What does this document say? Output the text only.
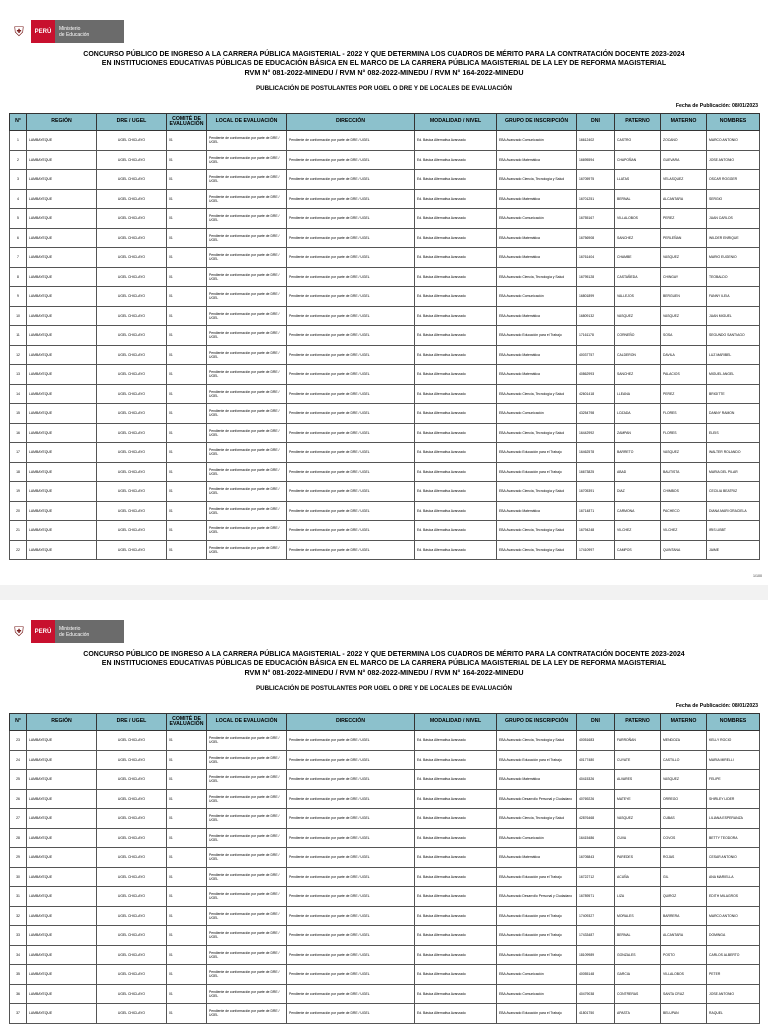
⛨	PERÚ	Ministerio
de Educación
CONCURSO PÚBLICO DE INGRESO A LA CARRERA PÚBLICA MAGISTERIAL - 2022 Y QUE DETERMINA LOS CUADROS DE MÉRITO PARA LA CONTRATACIÓN DOCENTE 2023-2024
EN INSTITUCIONES EDUCATIVAS PÚBLICAS DE EDUCACIÓN BÁSICA EN EL MARCO DE LA CARRERA PÚBLICA MAGISTERIAL DE LA LEY DE REFORMA MAGISTERIAL
RVM N° 081-2022-MINEDU / RVM N° 082-2022-MINEDU / RVM N° 164-2022-MINEDU
PUBLICACIÓN DE POSTULANTES POR UGEL O DRE Y DE LOCALES DE EVALUACIÓN
Fecha de Publicación: 08/01/2023
N°	REGIÓN	DRE / UGEL	COMITÉ DE EVALUACIÓN	LOCAL DE EVALUACIÓN	DIRECCIÓN	MODALIDAD / NIVEL	GRUPO DE INSCRIPCIÓN	DNI	PATERNO	MATERNO	NOMBRES
1	LAMBAYEQUE	UGEL CHICLAYO	01	Pendiente de conformación por parte de DRE / UGEL	Pendiente de conformación por parte de DRE / UGEL	Ed. Básica Alternativa Avanzado	EBA Avanzado Comunicación	16612402	CASTRO	ZOCANO	MARCO ANTONIO
2	LAMBAYEQUE	UGEL CHICLAYO	01	Pendiente de conformación por parte de DRE / UGEL	Pendiente de conformación por parte de DRE / UGEL	Ed. Básica Alternativa Avanzado	EBA Avanzado Matemática	16695594	CHAPOÑAN	GUEVARA	JOSE ANTONIO
3	LAMBAYEQUE	UGEL CHICLAYO	01	Pendiente de conformación por parte de DRE / UGEL	Pendiente de conformación por parte de DRE / UGEL	Ed. Básica Alternativa Avanzado	EBA Avanzado Ciencia, Tecnología y Salud	16705975	LLATAS	VELASQUEZ	OSCAR ROGGER
4	LAMBAYEQUE	UGEL CHICLAYO	01	Pendiente de conformación por parte de DRE / UGEL	Pendiente de conformación por parte de DRE / UGEL	Ed. Básica Alternativa Avanzado	EBA Avanzado Matemática	16701251	BERNAL	ALCANTARA	SERGIO
5	LAMBAYEQUE	UGEL CHICLAYO	01	Pendiente de conformación por parte de DRE / UGEL	Pendiente de conformación por parte de DRE / UGEL	Ed. Básica Alternativa Avanzado	EBA Avanzado Comunicación	16755167	VILLALOBOS	PEREZ	JUAN CARLOS
6	LAMBAYEQUE	UGEL CHICLAYO	01	Pendiente de conformación por parte de DRE / UGEL	Pendiente de conformación por parte de DRE / UGEL	Ed. Básica Alternativa Avanzado	EBA Avanzado Matemática	16756908	SANCHEZ	PERLEÑAN	WILDER ENRIQUE
7	LAMBAYEQUE	UGEL CHICLAYO	01	Pendiente de conformación por parte de DRE / UGEL	Pendiente de conformación por parte de DRE / UGEL	Ed. Básica Alternativa Avanzado	EBA Avanzado Matemática	16761404	CHAMBE	VASQUEZ	MARIO EUGENIO
8	LAMBAYEQUE	UGEL CHICLAYO	01	Pendiente de conformación por parte de DRE / UGEL	Pendiente de conformación por parte de DRE / UGEL	Ed. Básica Alternativa Avanzado	EBA Avanzado Ciencia, Tecnología y Salud	16795128	CASTAÑEDA	CHINGAY	TEOBALDO
9	LAMBAYEQUE	UGEL CHICLAYO	01	Pendiente de conformación por parte de DRE / UGEL	Pendiente de conformación por parte de DRE / UGEL	Ed. Básica Alternativa Avanzado	EBA Avanzado Comunicación	16801899	VALLEJOS	BERGUEN	FANNY ILEIA
10	LAMBAYEQUE	UGEL CHICLAYO	01	Pendiente de conformación por parte de DRE / UGEL	Pendiente de conformación por parte de DRE / UGEL	Ed. Básica Alternativa Avanzado	EBA Avanzado Matemática	16809132	VASQUEZ	VASQUEZ	JUAN MIGUEL
11	LAMBAYEQUE	UGEL CHICLAYO	01	Pendiente de conformación por parte de DRE / UGEL	Pendiente de conformación por parte de DRE / UGEL	Ed. Básica Alternativa Avanzado	EBA Avanzado Educación para el Trabajo	17161178	CORNEÑO	SOSA	SEGUNDO SANTIAGO
12	LAMBAYEQUE	UGEL CHICLAYO	01	Pendiente de conformación por parte de DRE / UGEL	Pendiente de conformación por parte de DRE / UGEL	Ed. Básica Alternativa Avanzado	EBA Avanzado Matemática	40037757	CALDERON	DAVILA	LUZ MARIBEL
13	LAMBAYEQUE	UGEL CHICLAYO	01	Pendiente de conformación por parte de DRE / UGEL	Pendiente de conformación por parte de DRE / UGEL	Ed. Básica Alternativa Avanzado	EBA Avanzado Matemática	40862993	SANCHEZ	PALACIOS	MIGUEL ANGEL
14	LAMBAYEQUE	UGEL CHICLAYO	01	Pendiente de conformación por parte de DRE / UGEL	Pendiente de conformación por parte de DRE / UGEL	Ed. Básica Alternativa Avanzado	EBA Avanzado Ciencia, Tecnología y Salud	42601418	LLEANA	PEREZ	BRIGITTE
15	LAMBAYEQUE	UGEL CHICLAYO	01	Pendiente de conformación por parte de DRE / UGEL	Pendiente de conformación por parte de DRE / UGEL	Ed. Básica Alternativa Avanzado	EBA Avanzado Comunicación	43254798	LOZADA	FLORES	DANNY RAMON
16	LAMBAYEQUE	UGEL CHICLAYO	01	Pendiente de conformación por parte de DRE / UGEL	Pendiente de conformación por parte de DRE / UGEL	Ed. Básica Alternativa Avanzado	EBA Avanzado Ciencia, Tecnología y Salud	16442992	ZAMPAN	FLORES	ELEIS
17	LAMBAYEQUE	UGEL CHICLAYO	01	Pendiente de conformación por parte de DRE / UGEL	Pendiente de conformación por parte de DRE / UGEL	Ed. Básica Alternativa Avanzado	EBA Avanzado Educación para el Trabajo	16462578	BARRETO	VASQUEZ	WALTER ROLANDO
18	LAMBAYEQUE	UGEL CHICLAYO	01	Pendiente de conformación por parte de DRE / UGEL	Pendiente de conformación por parte de DRE / UGEL	Ed. Básica Alternativa Avanzado	EBA Avanzado Educación para el Trabajo	16673825	ABAD	BAUTISTA	MARIA DEL PILAR
19	LAMBAYEQUE	UGEL CHICLAYO	01	Pendiente de conformación por parte de DRE / UGEL	Pendiente de conformación por parte de DRE / UGEL	Ed. Básica Alternativa Avanzado	EBA Avanzado Ciencia, Tecnología y Salud	16705391	DIAZ	CHIMBOS	CECILIA BEATRIZ
20	LAMBAYEQUE	UGEL CHICLAYO	01	Pendiente de conformación por parte de DRE / UGEL	Pendiente de conformación por parte de DRE / UGEL	Ed. Básica Alternativa Avanzado	EBA Avanzado Matemática	16714871	CARMONA	PACHECO	DIANA MARI GRACIELA
21	LAMBAYEQUE	UGEL CHICLAYO	01	Pendiente de conformación por parte de DRE / UGEL	Pendiente de conformación por parte de DRE / UGEL	Ed. Básica Alternativa Avanzado	EBA Avanzado Ciencia, Tecnología y Salud	16794248	VILCHEZ	VILCHEZ	IRIS LIBBT
22	LAMBAYEQUE	UGEL CHICLAYO	01	Pendiente de conformación por parte de DRE / UGEL	Pendiente de conformación por parte de DRE / UGEL	Ed. Básica Alternativa Avanzado	EBA Avanzado Ciencia, Tecnología y Salud	17410997	CAMPOS	QUINTANA	JAIME
1/100
⛨	PERÚ	Ministerio
de Educación
CONCURSO PÚBLICO DE INGRESO A LA CARRERA PÚBLICA MAGISTERIAL - 2022 Y QUE DETERMINA LOS CUADROS DE MÉRITO PARA LA CONTRATACIÓN DOCENTE 2023-2024
EN INSTITUCIONES EDUCATIVAS PÚBLICAS DE EDUCACIÓN BÁSICA EN EL MARCO DE LA CARRERA PÚBLICA MAGISTERIAL DE LA LEY DE REFORMA MAGISTERIAL
RVM N° 081-2022-MINEDU / RVM N° 082-2022-MINEDU / RVM N° 164-2022-MINEDU
PUBLICACIÓN DE POSTULANTES POR UGEL O DRE Y DE LOCALES DE EVALUACIÓN
Fecha de Publicación: 08/01/2023
N°	REGIÓN	DRE / UGEL	COMITÉ DE EVALUACIÓN	LOCAL DE EVALUACIÓN	DIRECCIÓN	MODALIDAD / NIVEL	GRUPO DE INSCRIPCIÓN	DNI	PATERNO	MATERNO	NOMBRES
23	LAMBAYEQUE	UGEL CHICLAYO	01	Pendiente de conformación por parte de DRE / UGEL	Pendiente de conformación por parte de DRE / UGEL	Ed. Básica Alternativa Avanzado	EBA Avanzado Ciencia, Tecnología y Salud	40051683	FARROÑAN	MENDOZA	KELLY ROCIO
24	LAMBAYEQUE	UGEL CHICLAYO	01	Pendiente de conformación por parte de DRE / UGEL	Pendiente de conformación por parte de DRE / UGEL	Ed. Básica Alternativa Avanzado	EBA Avanzado Educación para el Trabajo	40177480	CUYATE	CASTILLO	MARIA MIRELLI
25	LAMBAYEQUE	UGEL CHICLAYO	01	Pendiente de conformación por parte de DRE / UGEL	Pendiente de conformación por parte de DRE / UGEL	Ed. Básica Alternativa Avanzado	EBA Avanzado Matemática	40415326	ALVARES	VASQUEZ	FELIPE
26	LAMBAYEQUE	UGEL CHICLAYO	01	Pendiente de conformación por parte de DRE / UGEL	Pendiente de conformación por parte de DRE / UGEL	Ed. Básica Alternativa Avanzado	EBA Avanzado Desarrollo Personal y Ciudadano	40769226	MATEYE	ORREGO	SHIRLEY LIDER
27	LAMBAYEQUE	UGEL CHICLAYO	01	Pendiente de conformación por parte de DRE / UGEL	Pendiente de conformación por parte de DRE / UGEL	Ed. Básica Alternativa Avanzado	EBA Avanzado Ciencia, Tecnología y Salud	42876468	VASQUEZ	CUBAS	LILIANA ESPERANZA
28	LAMBAYEQUE	UGEL CHICLAYO	01	Pendiente de conformación por parte de DRE / UGEL	Pendiente de conformación por parte de DRE / UGEL	Ed. Básica Alternativa Avanzado	EBA Avanzado Comunicación	16415486	CUVA	COVOS	BETTY TEODORA
29	LAMBAYEQUE	UGEL CHICLAYO	01	Pendiente de conformación por parte de DRE / UGEL	Pendiente de conformación por parte de DRE / UGEL	Ed. Básica Alternativa Avanzado	EBA Avanzado Matemática	16705843	PAREDES	ROJAS	CESAR ANTONIO
30	LAMBAYEQUE	UGEL CHICLAYO	01	Pendiente de conformación por parte de DRE / UGEL	Pendiente de conformación por parte de DRE / UGEL	Ed. Básica Alternativa Avanzado	EBA Avanzado Educación para el Trabajo	16722712	ACUÑA	GIL	ANA MARIELLA
31	LAMBAYEQUE	UGEL CHICLAYO	01	Pendiente de conformación por parte de DRE / UGEL	Pendiente de conformación por parte de DRE / UGEL	Ed. Básica Alternativa Avanzado	EBA Avanzado Desarrollo Personal y Ciudadano	16789571	LIZA	QUIROZ	EDITH MILAGROS
32	LAMBAYEQUE	UGEL CHICLAYO	01	Pendiente de conformación por parte de DRE / UGEL	Pendiente de conformación por parte de DRE / UGEL	Ed. Básica Alternativa Avanzado	EBA Avanzado Educación para el Trabajo	17409327	MORALES	BARRERA	MARCO ANTONIO
33	LAMBAYEQUE	UGEL CHICLAYO	01	Pendiente de conformación por parte de DRE / UGEL	Pendiente de conformación por parte de DRE / UGEL	Ed. Básica Alternativa Avanzado	EBA Avanzado Educación para el Trabajo	17433487	BERNAL	ALCANTARA	DOMINGA
34	LAMBAYEQUE	UGEL CHICLAYO	01	Pendiente de conformación por parte de DRE / UGEL	Pendiente de conformación por parte de DRE / UGEL	Ed. Básica Alternativa Avanzado	EBA Avanzado Educación para el Trabajo	18109989	GONZALES	POSTO	CARLOS ALBERTO
35	LAMBAYEQUE	UGEL CHICLAYO	01	Pendiente de conformación por parte de DRE / UGEL	Pendiente de conformación por parte de DRE / UGEL	Ed. Básica Alternativa Avanzado	EBA Avanzado Comunicación	40055148	GARCIA	VILLALOBOS	PETER
36	LAMBAYEQUE	UGEL CHICLAYO	01	Pendiente de conformación por parte de DRE / UGEL	Pendiente de conformación por parte de DRE / UGEL	Ed. Básica Alternativa Avanzado	EBA Avanzado Comunicación	40479038	CONTRERAS	SANTA CRUZ	JOSE ANTONIO
37	LAMBAYEQUE	UGEL CHICLAYO	01	Pendiente de conformación por parte de DRE / UGEL	Pendiente de conformación por parte de DRE / UGEL	Ed. Básica Alternativa Avanzado	EBA Avanzado Educación para el Trabajo	41801750	APASTA	BELUPAN	RAQUEL
